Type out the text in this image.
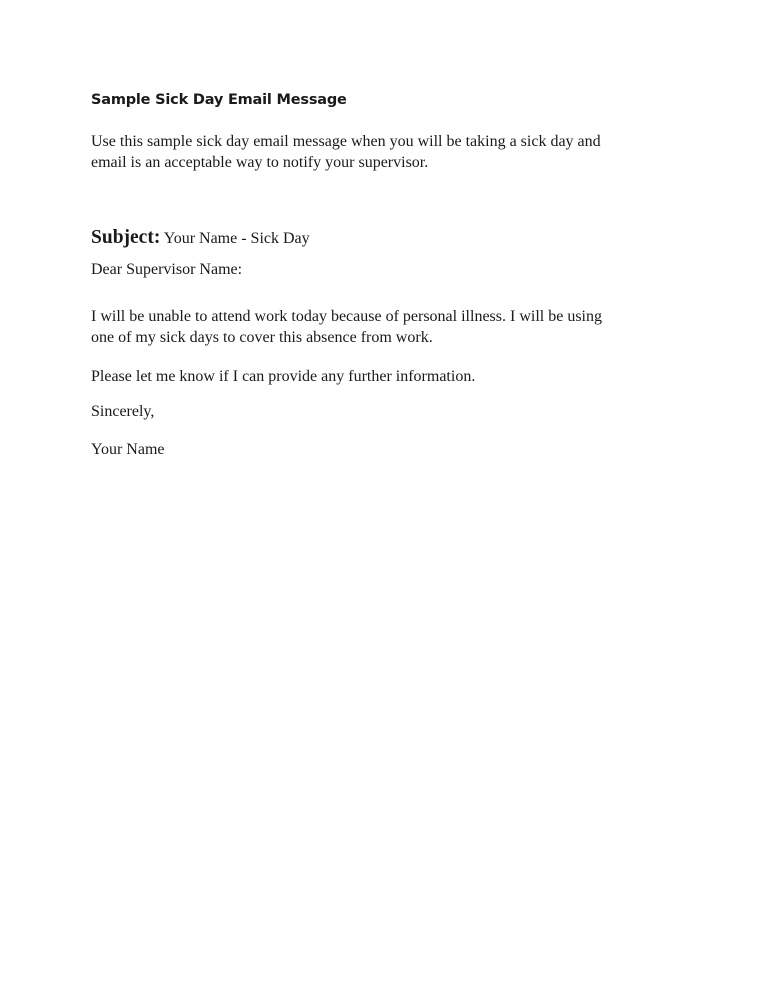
Sample Sick Day Email Message
Use this sample sick day email message when you will be taking a sick day and
email is an acceptable way to notify your supervisor.

Subject: Your Name - Sick Day

Dear Supervisor Name:

I will be unable to attend work today because of personal illness. I will be using
one of my sick days to cover this absence from work.

Please let me know if I can provide any further information.

Sincerely,

Your Name
